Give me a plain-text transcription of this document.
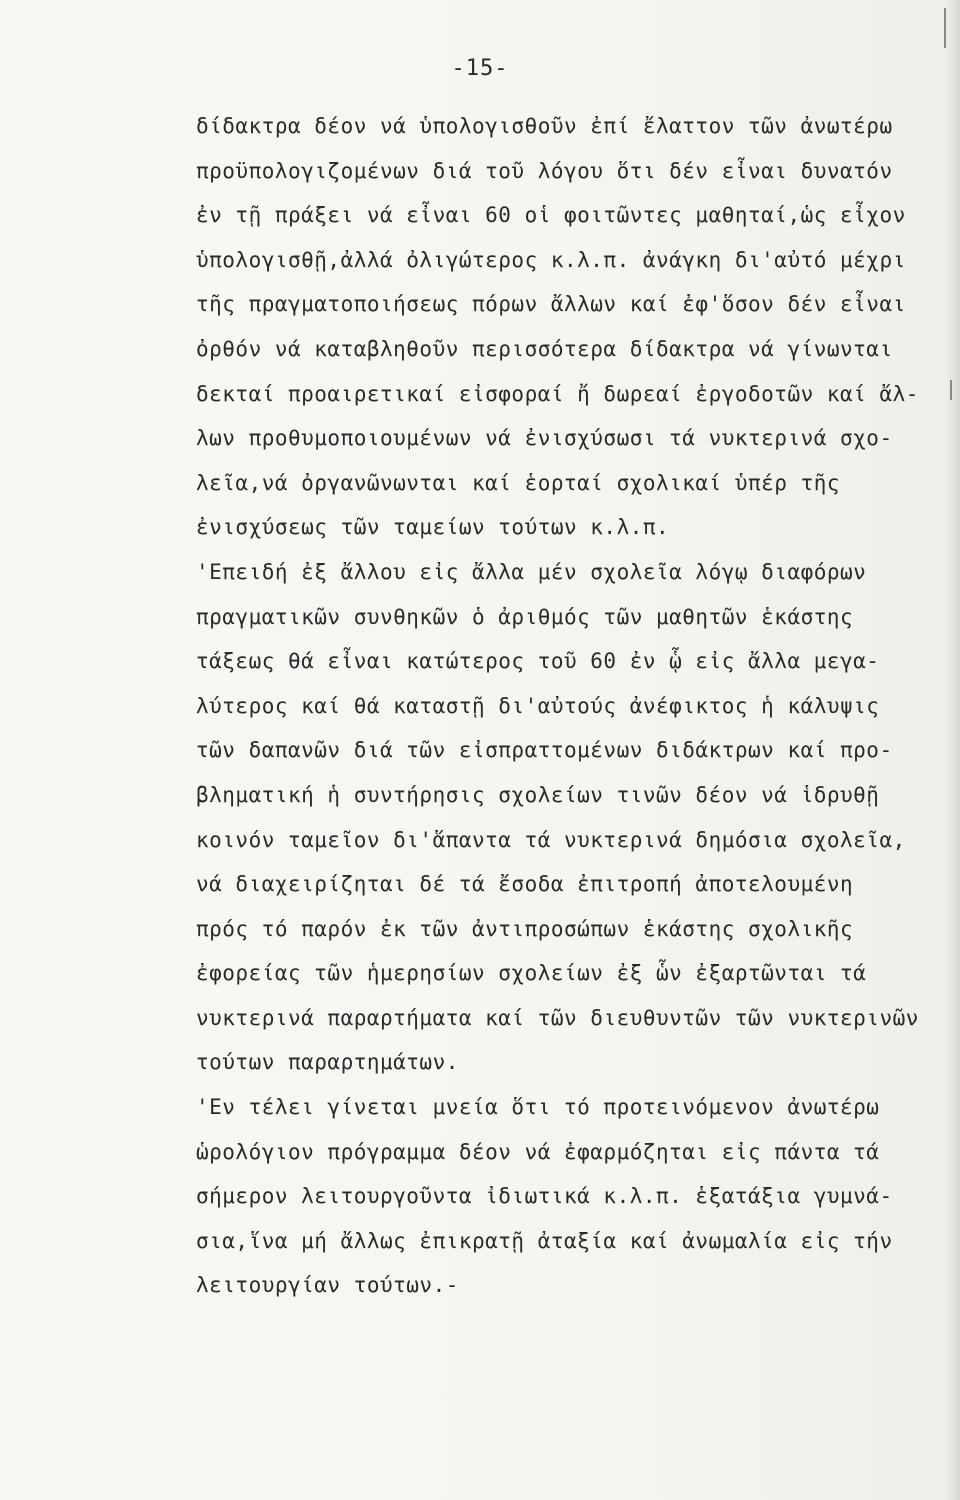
-15-
δίδακτρα δέον νά ὑπολογισθοῦν ἐπί ἔλαττον τῶν ἀνωτέρω
προϋπολογιζομένων διά τοῦ λόγου ὅτι δέν εἶναι δυνατόν
ἐν τῇ πράξει νά εἶναι 60 οἱ φοιτῶντες μαθηταί,ὡς εἶχον
ὑπολογισθῇ,ἀλλά ὀλιγώτερος κ.λ.π. ἀνάγκη δι'αὐτό μέχρι
τῆς πραγματοποιήσεως πόρων ἄλλων καί ἐφ'ὅσον δέν εἶναι
ὀρθόν νά καταβληθοῦν περισσότερα δίδακτρα νά γίνωνται
δεκταί προαιρετικαί εἰσφοραί ἤ δωρεαί ἐργοδοτῶν καί ἄλ-
λων προθυμοποιουμένων νά ἐνισχύσωσι τά νυκτερινά σχο-
λεῖα,νά ὀργανῶνωνται καί ἑορταί σχολικαί ὑπέρ τῆς
ἐνισχύσεως τῶν ταμείων τούτων κ.λ.π.
'Επειδή ἐξ ἄλλου εἰς ἄλλα μέν σχολεῖα λόγῳ διαφόρων
πραγματικῶν συνθηκῶν ὁ ἀριθμός τῶν μαθητῶν ἑκάστης
τάξεως θά εἶναι κατώτερος τοῦ 60 ἐν ᾧ εἰς ἄλλα μεγα-
λύτερος καί θά καταστῇ δι'αὐτούς ἀνέφικτος ἡ κάλυψις
τῶν δαπανῶν διά τῶν εἰσπραττομένων διδάκτρων καί προ-
βληματική ἡ συντήρησις σχολείων τινῶν δέον νά ἱδρυθῇ
κοινόν ταμεῖον δι'ἅπαντα τά νυκτερινά δημόσια σχολεῖα,
νά διαχειρίζηται δέ τά ἔσοδα ἐπιτροπή ἀποτελουμένη
πρός τό παρόν ἐκ τῶν ἀντιπροσώπων ἑκάστης σχολικῆς
ἐφορείας τῶν ἡμερησίων σχολείων ἐξ ὧν ἐξαρτῶνται τά
νυκτερινά παραρτήματα καί τῶν διευθυντῶν τῶν νυκτερινῶν
τούτων παραρτημάτων.
'Εν τέλει γίνεται μνεία ὅτι τό προτεινόμενον ἀνωτέρω
ὡρολόγιον πρόγραμμα δέον νά ἐφαρμόζηται εἰς πάντα τά
σήμερον λειτουργοῦντα ἰδιωτικά κ.λ.π. ἑξατάξια γυμνά-
σια,ἵνα μή ἄλλως ἐπικρατῇ ἀταξία καί ἀνωμαλία εἰς τήν
λειτουργίαν τούτων.-
